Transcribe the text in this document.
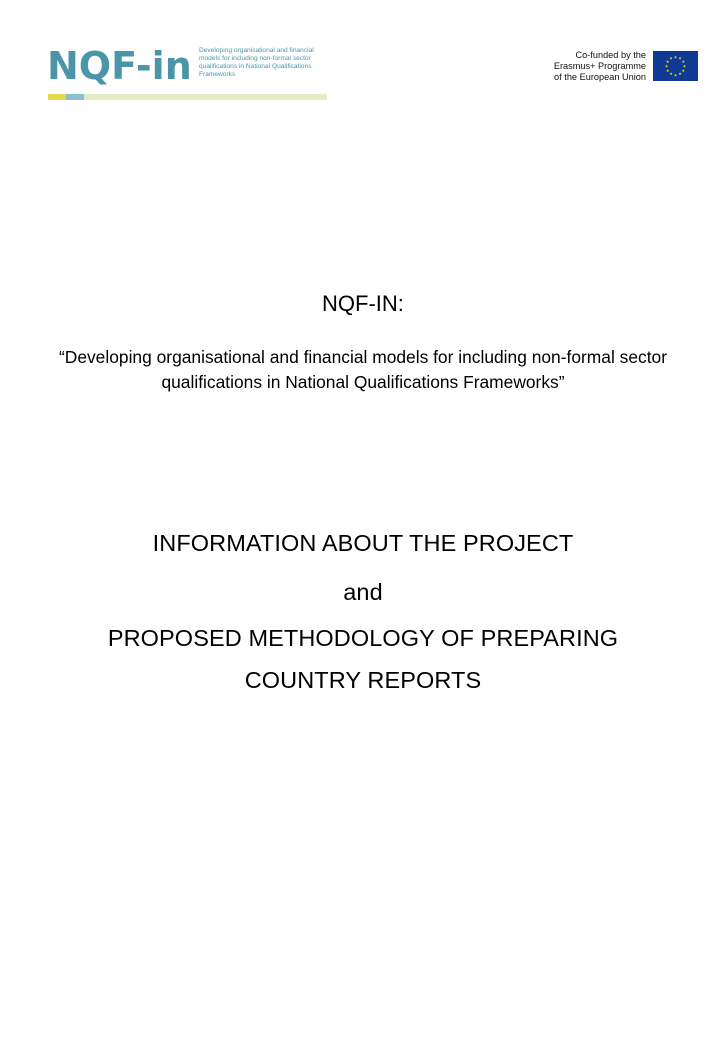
NQF-in Developing organisational and financial models for including non-formal sector qualifications in National Qualifications Frameworks
Co-funded by the
Erasmus+ Programme
of the European Union
★ ★
★
★
★
★
★
★
★
★
★
★
NQF-IN:
“Developing organisational and financial models for including non-formal sector qualifications in National Qualifications Frameworks”
INFORMATION ABOUT THE PROJECT
and
PROPOSED METHODOLOGY OF PREPARING
COUNTRY REPORTS
